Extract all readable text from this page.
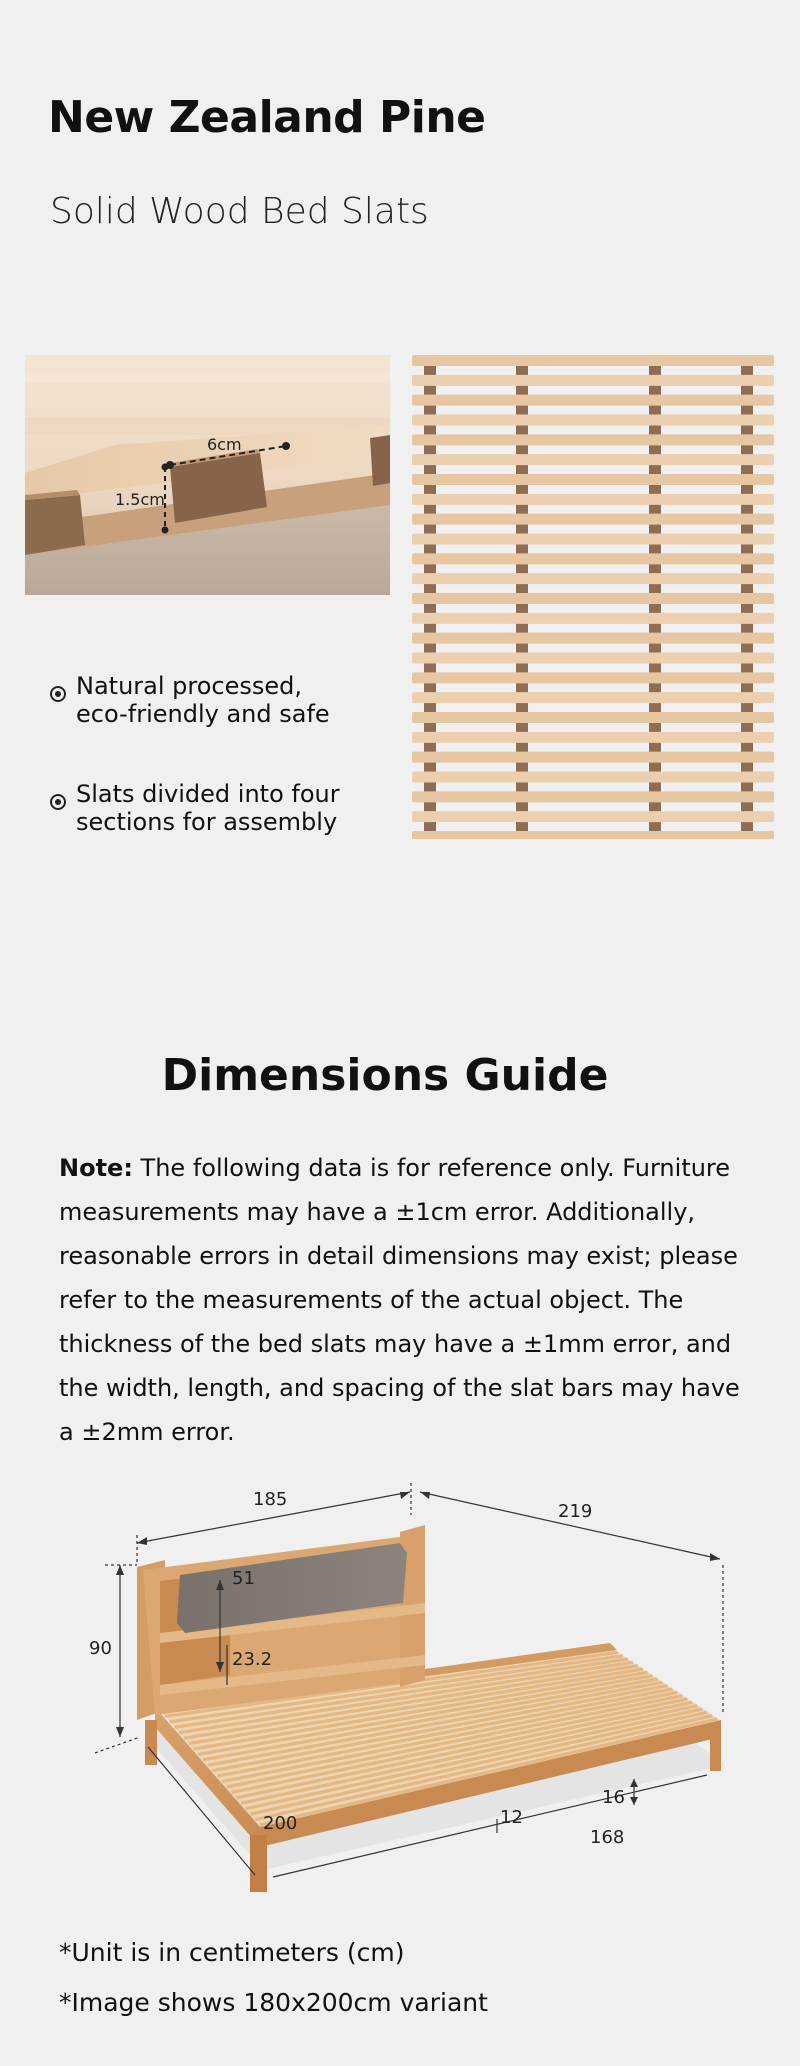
New Zealand Pine
Solid Wood Bed Slats
6cm
1.5cm
Natural processed,
eco-friendly and safe
Slats divided into four
sections for assembly
Dimensions Guide
Note: The following data is for reference only. Furniture measurements may have a ±1cm error. Additionally, reasonable errors in detail dimensions may exist; please refer to the measurements of the actual object. The thickness of the bed slats may have a ±1mm error, and the width, length, and spacing of the slat bars may have a ±2mm error.
185
219
51
23.2
90
200
168
16
12
*Unit is in centimeters (cm)
*Image shows 180x200cm variant
